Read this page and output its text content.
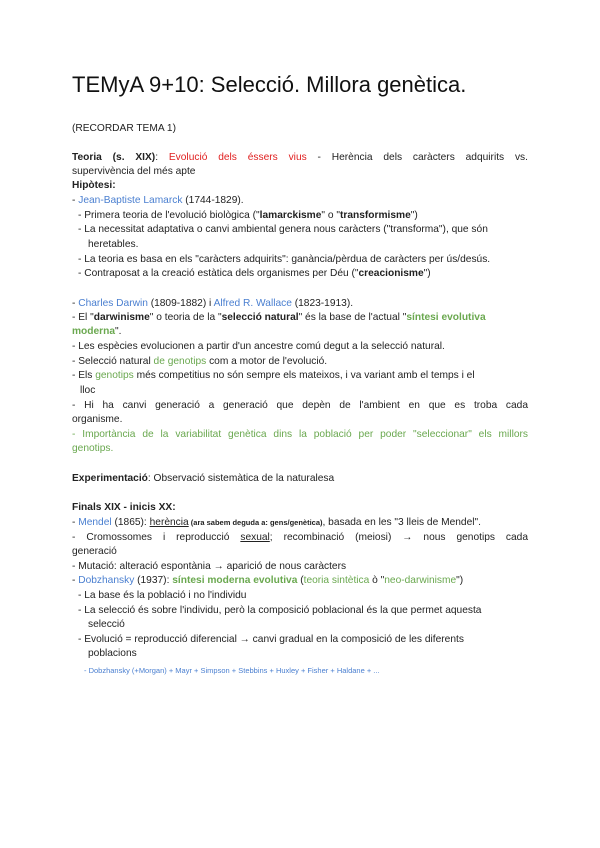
TEMyA 9+10: Selecció. Millora genètica.
(RECORDAR TEMA 1)
Teoria (s. XIX): Evolució dels éssers vius - Herència dels caràcters adquirits vs.
supervivència del més apte
Hipòtesi:
- Jean-Baptiste Lamarck (1744-1829).
- Primera teoria de l'evolució biològica ("lamarckisme" o "transformisme")
- La necessitat adaptativa o canvi ambiental genera nous caràcters ("transforma"), que són
heretables.
- La teoria es basa en els "caràcters adquirits": ganància/pèrdua de caràcters per ús/desús.
- Contraposat a la creació estàtica dels organismes per Déu ("creacionisme")
- Charles Darwin (1809-1882) i Alfred R. Wallace (1823-1913).
- El "darwinisme" o teoria de la "selecció natural" és la base de l'actual "síntesi evolutiva
moderna".
- Les espècies evolucionen a partir d'un ancestre comú degut a la selecció natural.
- Selecció natural de genotips com a motor de l'evolució.
- Els genotips més competitius no són sempre els mateixos, i va variant amb el temps i el
lloc
- Hi ha canvi generació a generació que depèn de l'ambient en que es troba cada
organisme.
- Importància de la variabilitat genètica dins la població per poder "seleccionar" els millors
genotips.
Experimentació: Observació sistemàtica de la naturalesa
Finals XIX - inicis XX:
- Mendel (1865): herència (ara sabem deguda a: gens/genètica), basada en les "3 lleis de Mendel".
- Cromossomes i reproducció sexual; recombinació (meiosi) → nous genotips cada
generació
- Mutació: alteració espontània → aparició de nous caràcters
- Dobzhansky (1937): síntesi moderna evolutiva (teoria sintètica ò "neo-darwinisme")
- La base és la població i no l'individu
- La selecció és sobre l'individu, però la composició poblacional és la que permet aquesta
selecció
- Evolució = reproducció diferencial → canvi gradual en la composició de les diferents
poblacions
- Dobzhansky (+Morgan) + Mayr + Simpson + Stebbins + Huxley + Fisher + Haldane + ...
